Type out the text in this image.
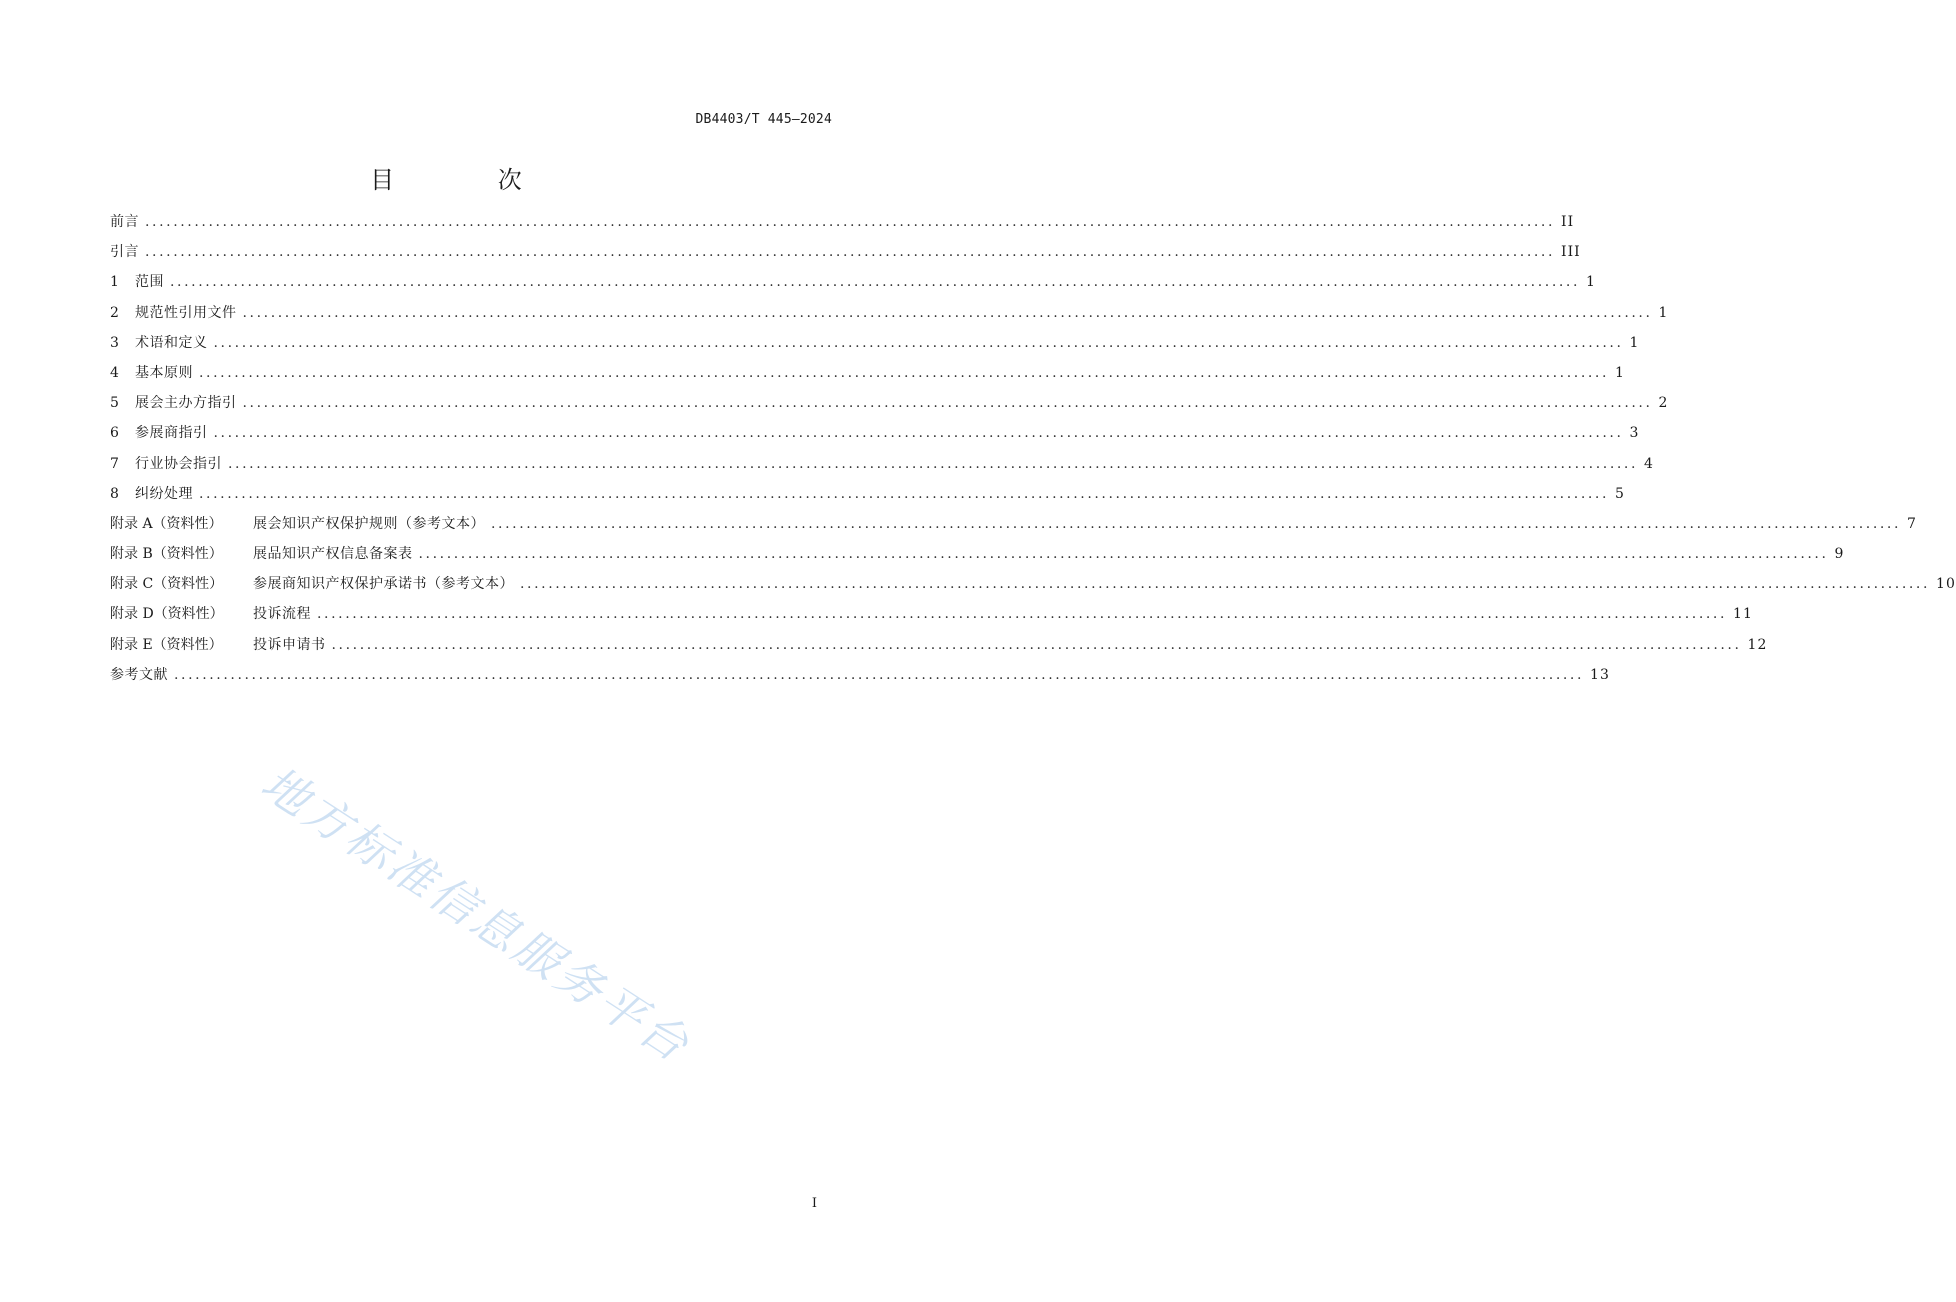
DB4403/T 445—2024
目 次
前言 ........................................................................................................................................................................................................ II
引言 ........................................................................................................................................................................................................ III
1	范围 ........................................................................................................................................................................................................ 1
2	规范性引用文件 ........................................................................................................................................................................................................ 1
3	术语和定义 ........................................................................................................................................................................................................ 1
4	基本原则 ........................................................................................................................................................................................................ 1
5	展会主办方指引 ........................................................................................................................................................................................................ 2
6	参展商指引 ........................................................................................................................................................................................................ 3
7	行业协会指引 ........................................................................................................................................................................................................ 4
8	纠纷处理 ........................................................................................................................................................................................................ 5
附录 A（资料性）	展会知识产权保护规则（参考文本） ........................................................................................................................................................................................................ 7
附录 B（资料性）	展品知识产权信息备案表 ........................................................................................................................................................................................................ 9
附录 C（资料性）	参展商知识产权保护承诺书（参考文本） ........................................................................................................................................................................................................ 10
附录 D（资料性）	投诉流程 ........................................................................................................................................................................................................ 11
附录 E（资料性）	投诉申请书 ........................................................................................................................................................................................................ 12
参考文献 ........................................................................................................................................................................................................ 13
地方标准信息服务平台
I
